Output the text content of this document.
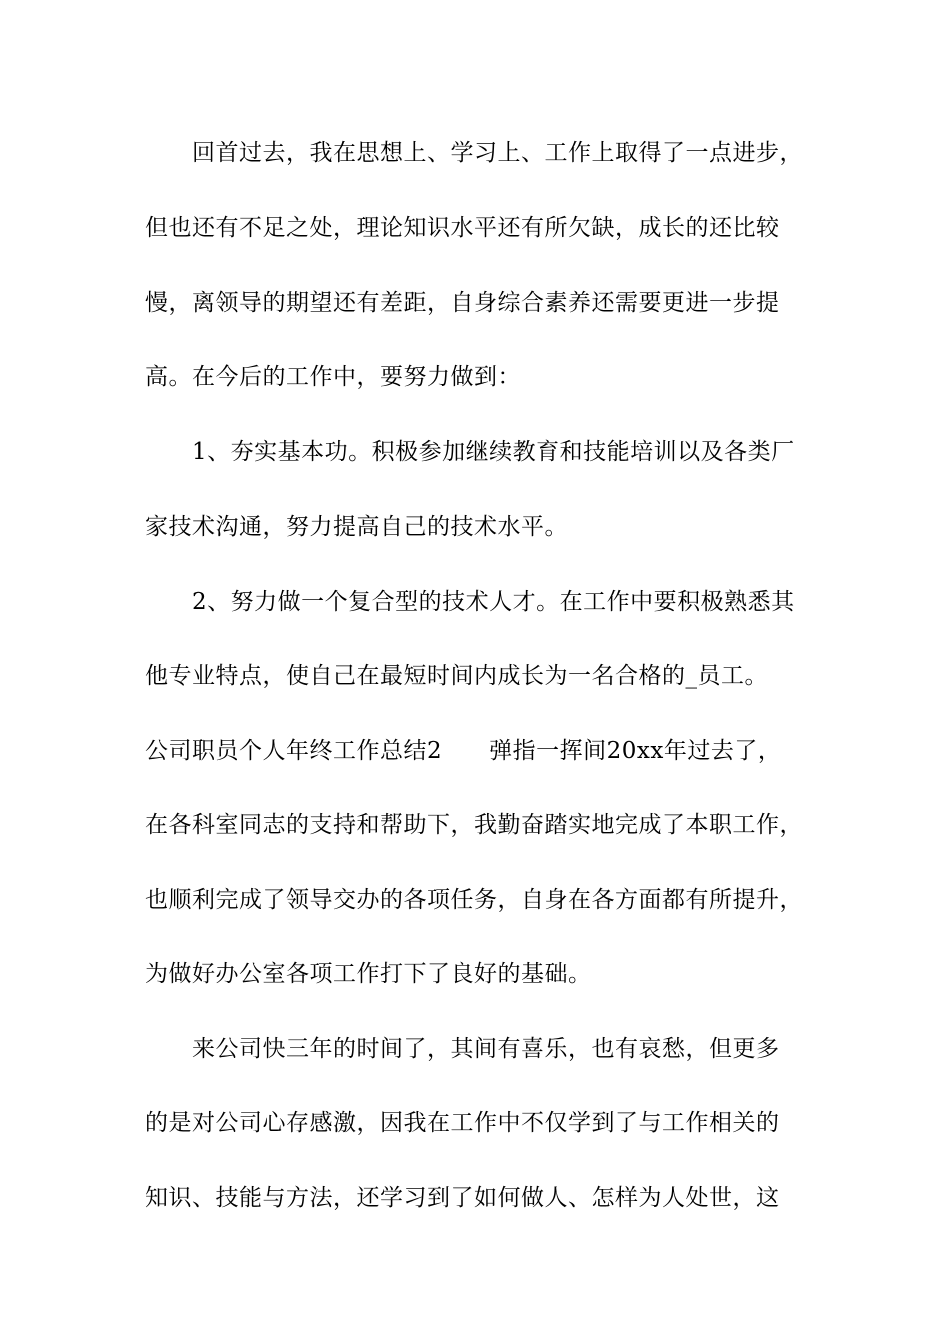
回首过去，我在思想上、学习上、工作上取得了一点进步，
但也还有不足之处，理论知识水平还有所欠缺，成长的还比较
慢，离领导的期望还有差距，自身综合素养还需要更进一步提
高。在今后的工作中，要努力做到：
1、夯实基本功。积极参加继续教育和技能培训以及各类厂
家技术沟通，努力提高自己的技术水平。
2、努力做一个复合型的技术人才。在工作中要积极熟悉其
他专业特点，使自己在最短时间内成长为一名合格的_员工。
公司职员个人年终工作总结2　　弹指一挥间20xx年过去了，
在各科室同志的支持和帮助下，我勤奋踏实地完成了本职工作，
也顺利完成了领导交办的各项任务，自身在各方面都有所提升，
为做好办公室各项工作打下了良好的基础。
来公司快三年的时间了，其间有喜乐，也有哀愁，但更多
的是对公司心存感激，因我在工作中不仅学到了与工作相关的
知识、技能与方法，还学习到了如何做人、怎样为人处世，这
